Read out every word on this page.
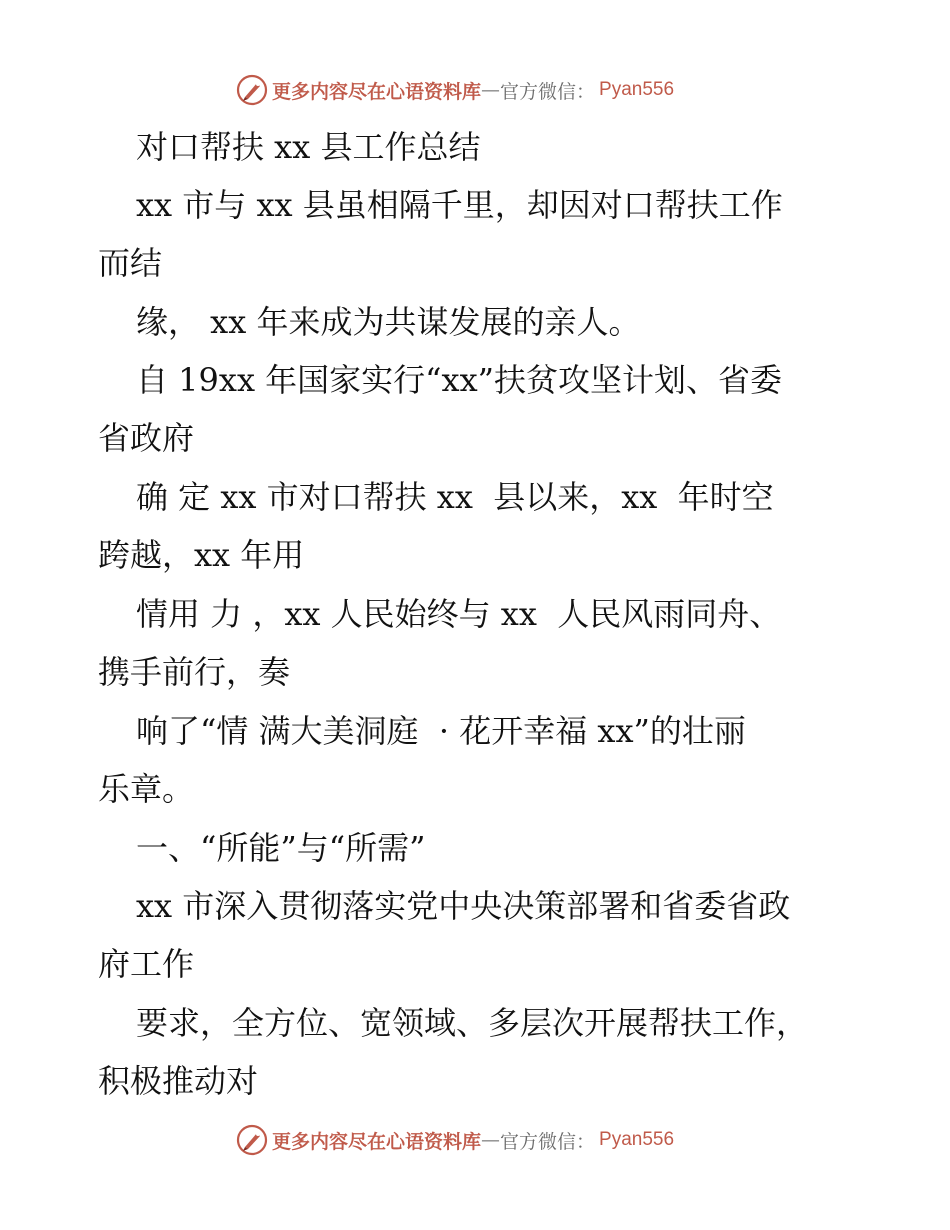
更多内容尽在心语资料库 — 官方微信： Pyan556
对口帮扶 xx 县工作总结
xx 市与 xx 县虽相隔千里，却因对口帮扶工作
而结
缘， xx 年来成为共谋发展的亲人。
自 19xx 年国家实行“xx”扶贫攻坚计划、省委
省政府
确 定 xx 市对口帮扶 xx  县以来，xx  年时空
跨越，xx 年用
情用 力 ，xx 人民始终与 xx  人民风雨同舟、
携手前行，奏
响了“情 满大美洞庭  · 花开幸福 xx”的壮丽
乐章。
一、“所能”与“所需”
xx 市深入贯彻落实党中央决策部署和省委省政
府工作
要求，全方位、宽领域、多层次开展帮扶工作，
积极推动对
更多内容尽在心语资料库 — 官方微信： Pyan556
